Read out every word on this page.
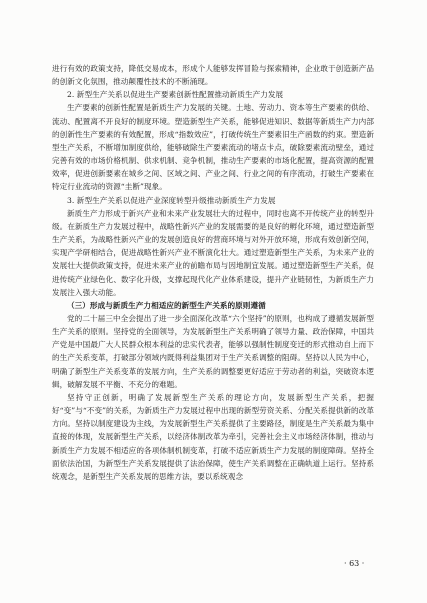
进行有效的政策支持，降低交易成本，形成个人能够发挥冒险与探索精神，企业敢于创造新产品的创新文化氛围，推动颠覆性技术的不断涌现。

2. 新型生产关系以促进生产要素创新性配置推动新质生产力发展

生产要素的创新性配置是新质生产力发展的关键。土地、劳动力、资本等生产要素的供给、流动、配置离不开良好的制度环境。塑造新型生产关系，能够促进知识、数据等新质生产力内部的创新性生产要素的有效配置，形成“指数效应”，打破传统生产要素旧生产函数的约束。塑造新型生产关系，不断增加制度供给，能够破除生产要素流动的堵点卡点，破除要素流动壁垒，通过完善有效的市场价格机制、供求机制、竞争机制，推动生产要素的市场化配置，提高资源的配置效率，促进创新要素在城乡之间、区域之间、产业之间、行业之间的有序流动，打破生产要素在特定行业流动的资源“圭断”现象。

3. 新型生产关系以促进产业深度转型升级推动新质生产力发展

新质生产力形成于新兴产业和未来产业发展壮大的过程中，同时也离不开传统产业的转型升级。在新质生产力发展过程中，战略性新兴产业的发展需要的是良好的孵化环境，通过塑造新型生产关系，为战略性新兴产业的发展创造良好的营商环境与对外开放环境，形成有效创新空间，实现产学研相结合，促进战略性新兴产业不断演化壮大。通过塑造新型生产关系，为未来产业的发展壮大提供政策支持，促进未来产业的前瞻布局与因地制宜发展。通过塑造新型生产关系，促进传统产业绿色化、数字化升级，支撑起现代化产业体系建设，提升产业链韧性，为新质生产力发展注入强大动能。

（三）形成与新质生产力相适应的新型生产关系的原则遵循

党的二十届三中全会提出了进一步全面深化改革“六个坚持”的原则，也构成了遵循发展新型生产关系的原则。坚持党的全面领导，为发展新型生产关系明确了领导力量、政治保障，中国共产党是中国最广大人民群众根本利益的忠实代表者，能够以强制性制度变迁的形式推动自上而下的生产关系变革，打破部分领域内既得利益集团对于生产关系调整的阻碍。坚持以人民为中心，明确了新型生产关系变革的发展方向，生产关系的调整要更好适应于劳动者的利益，突破资本逻辑，破解发展不平衡、不充分的难题。

坚持守正创新，明确了发展新型生产关系的理论方向，发展新型生产关系，把握好“变”与“不变”的关系，为新质生产力发展过程中出现的新型劳资关系、分配关系提供新的改革方向。坚持以制度建设为主线，为发展新型生产关系提供了主要路径，制度是生产关系最为集中直接的体现，发展新型生产关系，以经济体制改革为牵引，完善社会主义市场经济体制，推动与新质生产力发展不相适应的各项体制机制变革，打破不适应新质生产力发展的制度障碍。坚持全面依法治国，为新型生产关系发展提供了法治保障，使生产关系调整在正确轨道上运行。坚持系统观念，是新型生产关系发展的思维方法，要以系统观念

· 63 ·
